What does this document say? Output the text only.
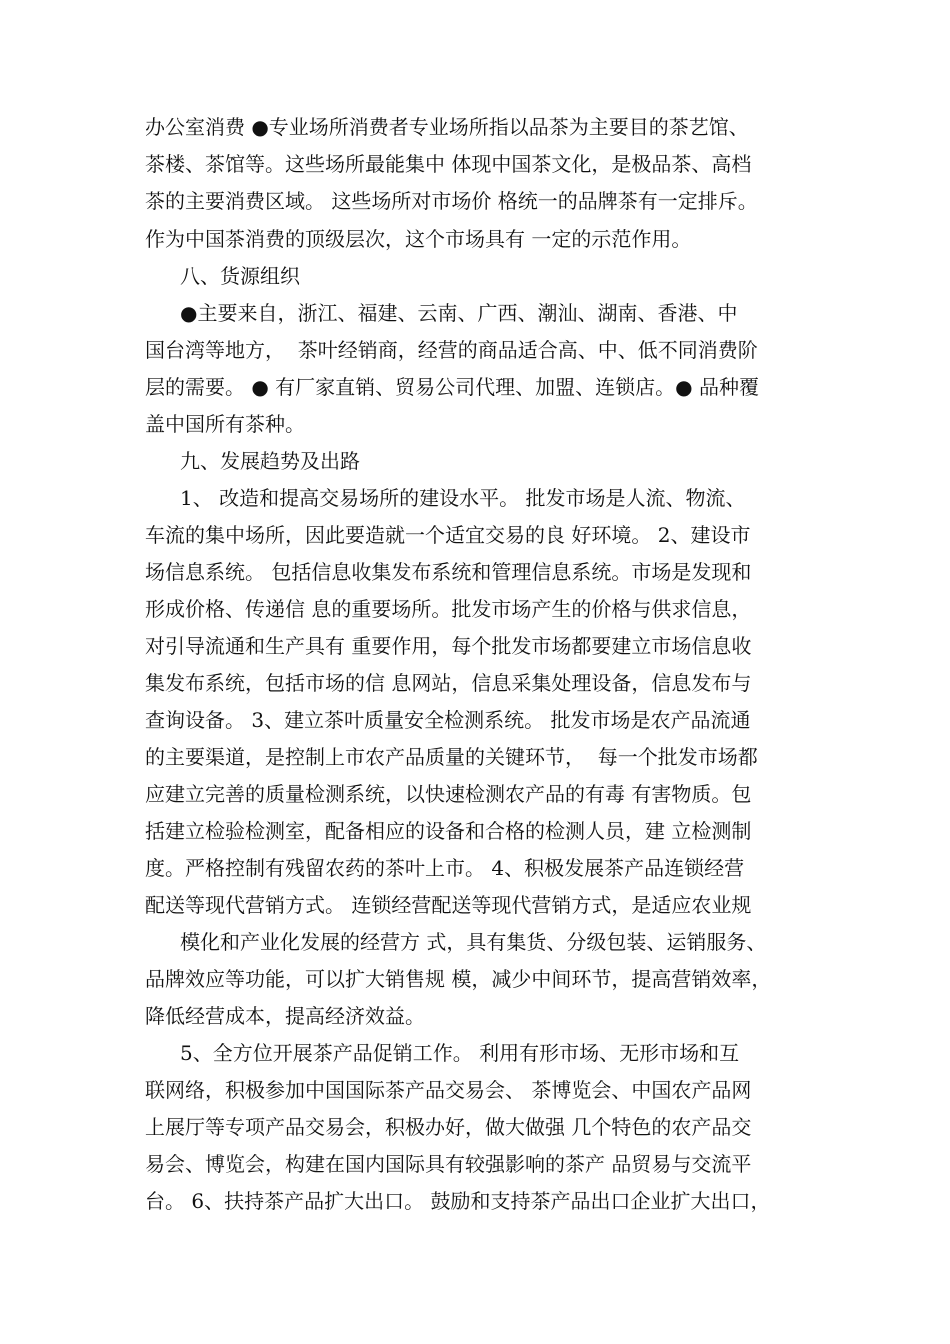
办公室消费 ●专业场所消费者专业场所指以品茶为主要目的茶艺馆、
茶楼、茶馆等。这些场所最能集中 体现中国茶文化，是极品茶、高档
茶的主要消费区域。 这些场所对市场价 格统一的品牌茶有一定排斥。
作为中国茶消费的顶级层次，这个市场具有 一定的示范作用。
八、货源组织
●主要来自，浙江、福建、云南、广西、潮汕、湖南、香港、中
国台湾等地方，  茶叶经销商，经营的商品适合高、中、低不同消费阶
层的需要。 ● 有厂家直销、贸易公司代理、加盟、连锁店。● 品种覆
盖中国所有茶种。
九、发展趋势及出路
1、 改造和提高交易场所的建设水平。 批发市场是人流、物流、
车流的集中场所，因此要造就一个适宜交易的良 好环境。 2、建设市
场信息系统。 包括信息收集发布系统和管理信息系统。市场是发现和
形成价格、传递信 息的重要场所。批发市场产生的价格与供求信息，
对引导流通和生产具有 重要作用，每个批发市场都要建立市场信息收
集发布系统，包括市场的信 息网站，信息采集处理设备，信息发布与
查询设备。 3、建立茶叶质量安全检测系统。 批发市场是农产品流通
的主要渠道，是控制上市农产品质量的关键环节，  每一个批发市场都
应建立完善的质量检测系统，以快速检测农产品的有毒 有害物质。包
括建立检验检测室，配备相应的设备和合格的检测人员，建 立检测制
度。严格控制有残留农药的茶叶上市。 4、积极发展茶产品连锁经营
配送等现代营销方式。 连锁经营配送等现代营销方式，是适应农业规
模化和产业化发展的经营方 式，具有集货、分级包装、运销服务、
品牌效应等功能，可以扩大销售规 模，减少中间环节，提高营销效率，
降低经营成本，提高经济效益。
5、全方位开展茶产品促销工作。 利用有形市场、无形市场和互
联网络，积极参加中国国际茶产品交易会、 茶博览会、中国农产品网
上展厅等专项产品交易会，积极办好，做大做强 几个特色的农产品交
易会、博览会，构建在国内国际具有较强影响的茶产 品贸易与交流平
台。 6、扶持茶产品扩大出口。 鼓励和支持茶产品出口企业扩大出口，
